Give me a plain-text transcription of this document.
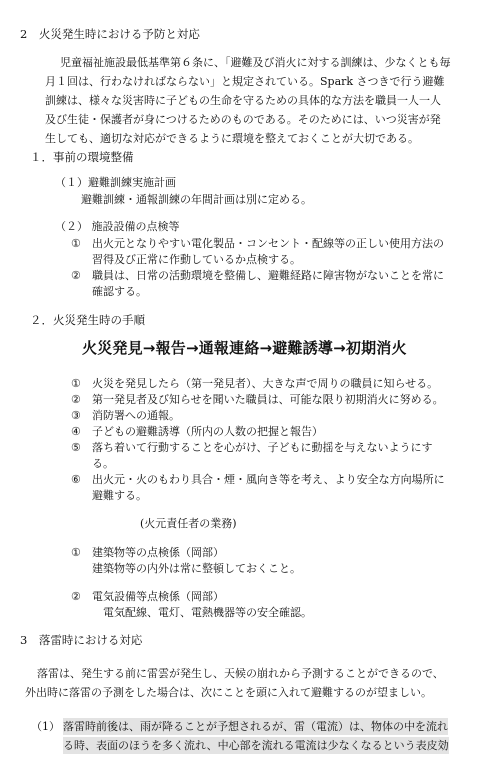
2　火災発生時における予防と対応

児童福祉施設最低基準第６条に、「避難及び消火に対する訓練は、少なくとも毎

月１回は、行わなければならない」と規定されている。Spark さつきで行う避難

訓練は、様々な災害時に子どもの生命を守るための具体的な方法を職員一人一人

及び生徒・保護者が身につけるためのものである。そのためには、いつ災害が発

生しても、適切な対応ができるように環境を整えておくことが大切である。

１．事前の環境整備

（１）避難訓練実施計画

避難訓練・通報訓練の年間計画は別に定める。

（２） 施設設備の点検等

① 出火元となりやすい電化製品・コンセント・配線等の正しい使用方法の

習得及び正常に作動しているか点検する。

② 職員は、日常の活動環境を整備し、避難経路に障害物がないことを常に

確認する。

２．火災発生時の手順

火災発見→報告→通報連絡→避難誘導→初期消火

① 火災を発見したら（第一発見者）、大きな声で周りの職員に知らせる。

② 第一発見者及び知らせを聞いた職員は、可能な限り初期消火に努める。

③ 消防署への通報。

④ 子どもの避難誘導（所内の人数の把握と報告）

⑤ 落ち着いて行動することを心がけ、子どもに動揺を与えないようにす

る。

⑥ 出火元・火のもわり具合・煙・風向き等を考え、より安全な方向場所に

避難する。

(火元責任者の業務)

① 建築物等の点検係（岡部）

建築物等の内外は常に整頓しておくこと。

② 電気設備等点検係（岡部）

電気配線、電灯、電熱機器等の安全確認。

3　落雷時における対応

落雷は、発生する前に雷雲が発生し、天候の崩れから予測することができるので、

外出時に落雷の予測をした場合は、次にことを頭に入れて避難するのが望ましい。

（1） 落雷時前後は、雨が降ることが予想されるが、雷（電流）は、物体の中を流れ

る時、表面のほうを多く流れ、中心部を流れる電流は少なくなるという表皮効
